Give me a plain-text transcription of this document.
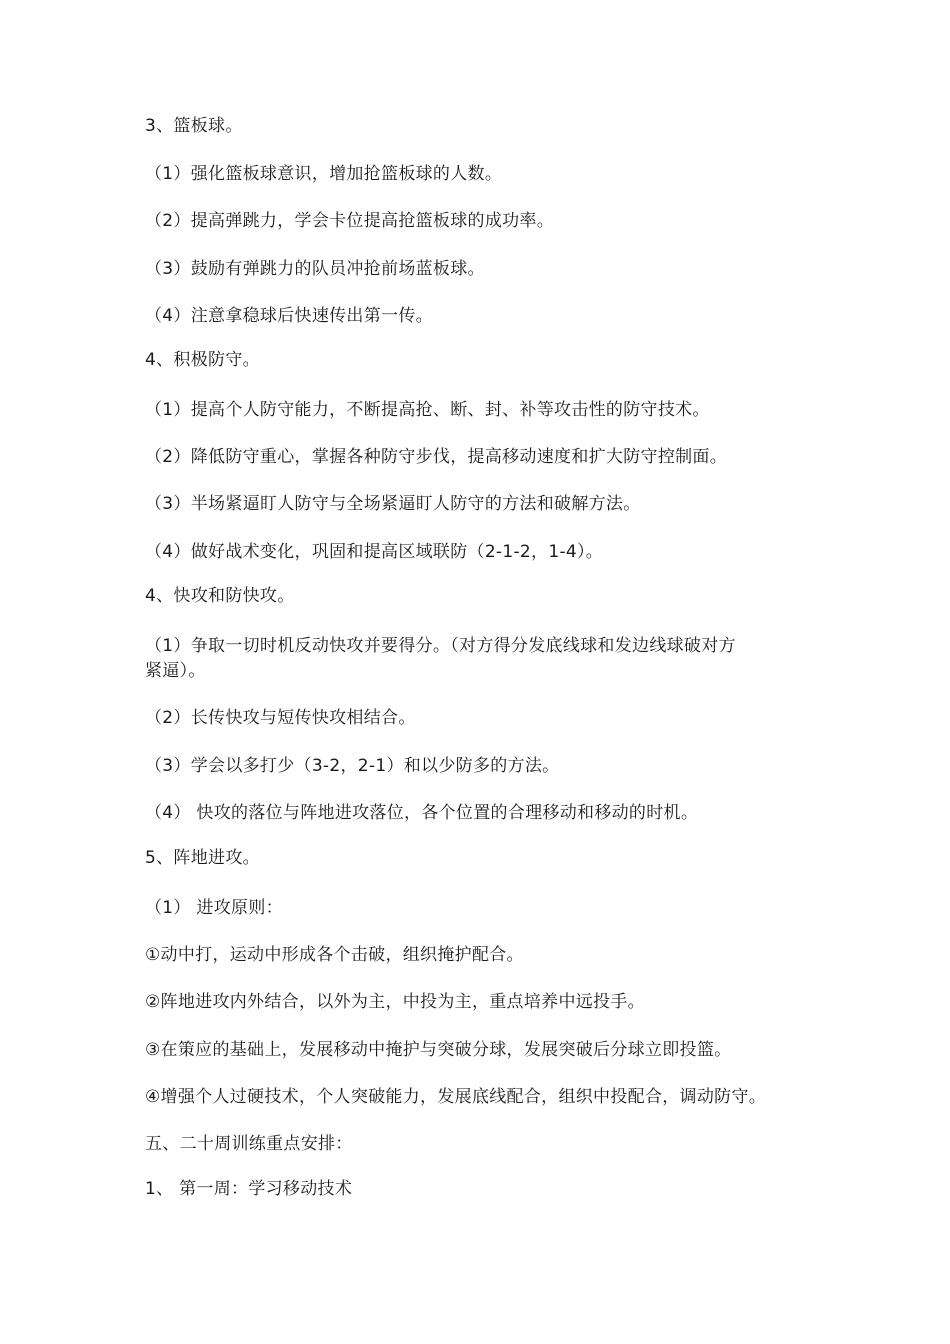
3、篮板球。
（1）强化篮板球意识，增加抢篮板球的人数。
（2）提高弹跳力，学会卡位提高抢篮板球的成功率。
（3）鼓励有弹跳力的队员冲抢前场蓝板球。
（4）注意拿稳球后快速传出第一传。
4、积极防守。
（1）提高个人防守能力，不断提高抢、断、封、补等攻击性的防守技术。
（2）降低防守重心，掌握各种防守步伐，提高移动速度和扩大防守控制面。
（3）半场紧逼盯人防守与全场紧逼盯人防守的方法和破解方法。
（4）做好战术变化，巩固和提高区域联防（2-1-2，1-4）。
4、快攻和防快攻。
（1）争取一切时机反动快攻并要得分。（对方得分发底线球和发边线球破对方
紧逼）。
（2）长传快攻与短传快攻相结合。
（3）学会以多打少（3-2，2-1）和以少防多的方法。
（4） 快攻的落位与阵地进攻落位，各个位置的合理移动和移动的时机。
5、阵地进攻。
（1） 进攻原则：
①动中打，运动中形成各个击破，组织掩护配合。
②阵地进攻内外结合，以外为主，中投为主，重点培养中远投手。
③在策应的基础上，发展移动中掩护与突破分球，发展突破后分球立即投篮。
④增强个人过硬技术，个人突破能力，发展底线配合，组织中投配合，调动防守。
五、二十周训练重点安排：
1、 第一周：学习移动技术
